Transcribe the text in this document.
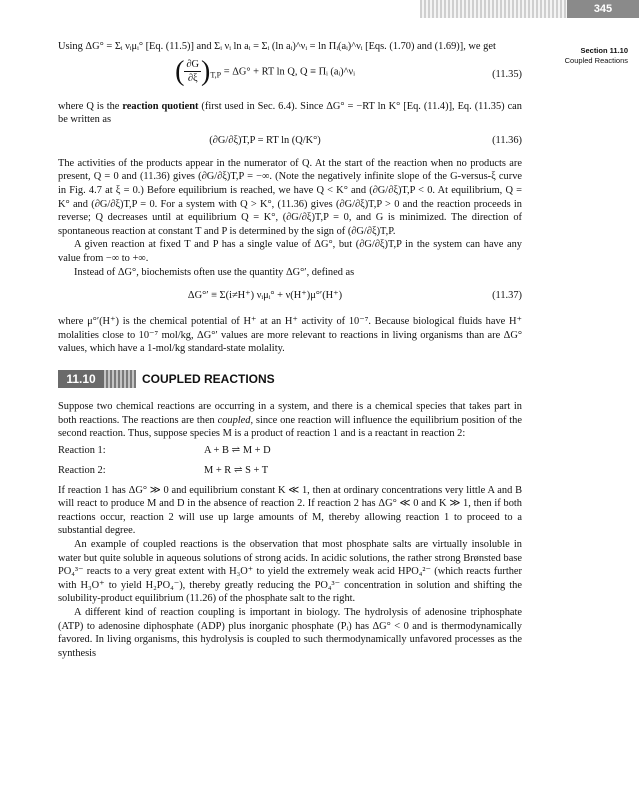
345
Section 11.10
Coupled Reactions

Using ΔG° = Σᵢ νᵢμᵢ° [Eq. (11.5)] and Σᵢ νᵢ ln aᵢ = Σᵢ (ln aᵢ)^νᵢ = ln Πᵢ(aᵢ)^νᵢ [Eqs. (1.70) and (1.69)], we get

( $\frac{\partial G}{\partial\xi} )_{T,P} = \Delta G^\circ$ + RT ln Q, Q ≡ Πᵢ (aᵢ)^νᵢ	(11.35)

where Q is the reaction quotient (first used in Sec. 6.4). Since ΔG° = −RT ln K° [Eq. (11.4)], Eq. (11.35) can be written as

(∂G/∂ξ)T,P = RT ln (Q/K°)	(11.36)

The activities of the products appear in the numerator of Q. At the start of the reaction when no products are present, Q = 0 and (11.36) gives (∂G/∂ξ)T,P = −∞. (Note the negatively infinite slope of the G-versus-ξ curve in Fig. 4.7 at ξ = 0.) Before equilibrium is reached, we have Q < K° and (∂G/∂ξ)T,P < 0. At equilibrium, Q = K° and (∂G/∂ξ)T,P = 0. For a system with Q > K°, (11.36) gives (∂G/∂ξ)T,P > 0 and the reaction proceeds in reverse; Q decreases until at equilibrium Q = K°, (∂G/∂ξ)T,P = 0, and G is minimized. The direction of spontaneous reaction at constant T and P is determined by the sign of (∂G/∂ξ)T,P.

A given reaction at fixed T and P has a single value of ΔG°, but (∂G/∂ξ)T,P in the system can have any value from −∞ to +∞.

Instead of ΔG°, biochemists often use the quantity ΔG°′, defined as

ΔG°′ ≡ Σ(i≠H⁺) νᵢμᵢ° + ν(H⁺)μ°′(H⁺)	(11.37)

where μ°′(H⁺) is the chemical potential of H⁺ at an H⁺ activity of 10⁻⁷. Because biological fluids have H⁺ molalities close to 10⁻⁷ mol/kg, ΔG°′ values are more relevant to reactions in living organisms than are ΔG° values, which have a 1-mol/kg standard-state molality.

11.10	COUPLED REACTIONS

Suppose two chemical reactions are occurring in a system, and there is a chemical species that takes part in both reactions. The reactions are then coupled, since one reaction will influence the equilibrium position of the second reaction. Thus, suppose species M is a product of reaction 1 and is a reactant in reaction 2:

Reaction 1:	A + B ⇌ M + D
Reaction 2:	M + R ⇌ S + T

If reaction 1 has ΔG° ≫ 0 and equilibrium constant K ≪ 1, then at ordinary concentrations very little A and B will react to produce M and D in the absence of reaction 2. If reaction 2 has ΔG° ≪ 0 and K ≫ 1, then if both reactions occur, reaction 2 will use up large amounts of M, thereby allowing reaction 1 to proceed to a substantial degree.

An example of coupled reactions is the observation that most phosphate salts are virtually insoluble in water but quite soluble in aqueous solutions of strong acids. In acidic solutions, the rather strong Brønsted base PO₄³⁻ reacts to a very great extent with H₃O⁺ to yield the extremely weak acid HPO₄²⁻ (which reacts further with H₃O⁺ to yield H₂PO₄⁻), thereby greatly reducing the PO₄³⁻ concentration in solution and shifting the solubility-product equilibrium (11.26) of the phosphate salt to the right.

A different kind of reaction coupling is important in biology. The hydrolysis of adenosine triphosphate (ATP) to adenosine diphosphate (ADP) plus inorganic phosphate (Pᵢ) has ΔG° < 0 and is thermodynamically favored. In living organisms, this hydrolysis is coupled to such thermodynamically unfavored processes as the synthesis
